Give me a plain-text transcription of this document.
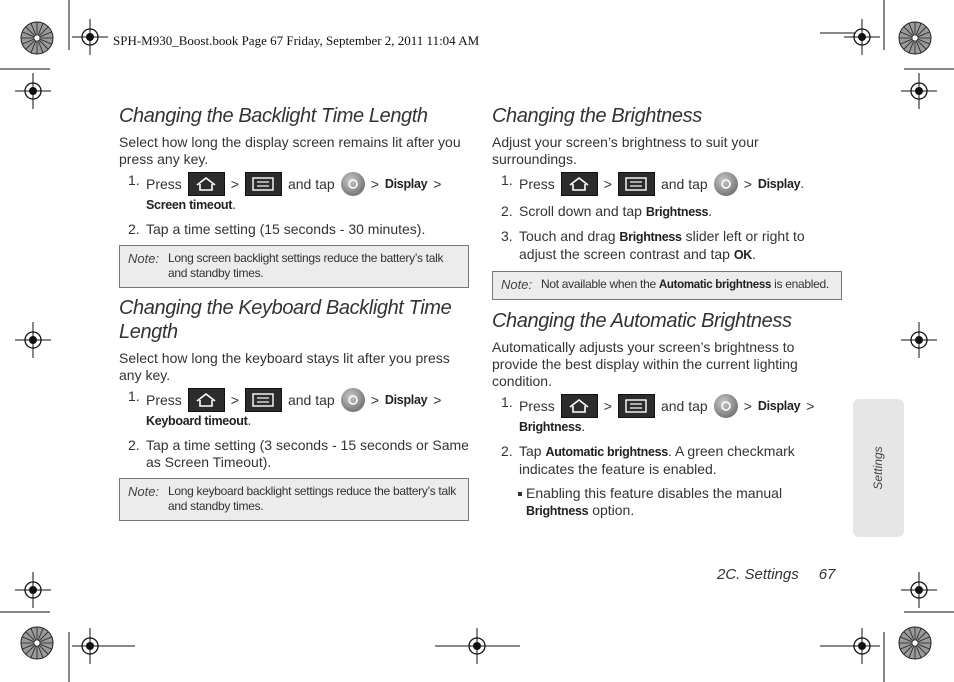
SPH-M930_Boost.book Page 67 Friday, September 2, 2011 11:04 AM
Changing the Backlight Time Length

Select how long the display screen remains lit after you press any key.

1. Press	>	and tap	> Display >
Screen timeout.
2. Tap a time setting (15 seconds - 30 minutes).
Note: Long screen backlight settings reduce the battery’s talk and standby times.
Changing the Keyboard Backlight Time Length

Select how long the keyboard stays lit after you press any key.

1. Press	>	and tap	> Display >
Keyboard timeout.
2. Tap a time setting (3 seconds - 15 seconds or Same as Screen Timeout).
Note: Long keyboard backlight settings reduce the battery’s talk and standby times.
Changing the Brightness

Adjust your screen’s brightness to suit your surroundings.

1. Press	>	and tap	> Display.
2. Scroll down and tap Brightness.
3. Touch and drag Brightness slider left or right to adjust the screen contrast and tap OK.
Note: Not available when the Automatic brightness is enabled.
Changing the Automatic Brightness

Automatically adjusts your screen’s brightness to provide the best display within the current lighting condition.

1. Press	>	and tap	> Display >
Brightness.
2. Tap Automatic brightness. A green checkmark indicates the feature is enabled.
Enabling this feature disables the manual Brightness option.
Settings
2C. Settings 67
